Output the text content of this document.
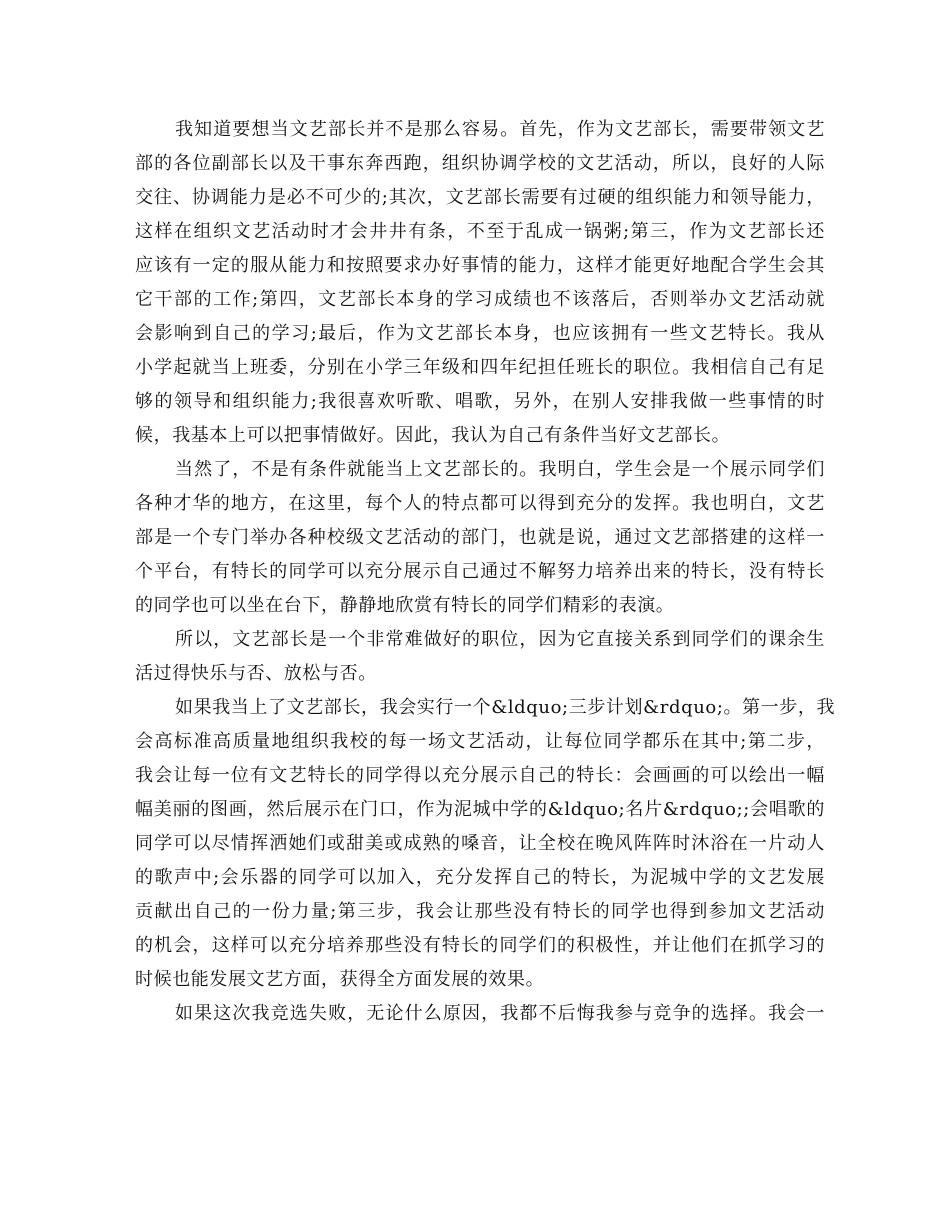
我知道要想当文艺部长并不是那么容易。首先，作为文艺部长，需要带领文艺
部的各位副部长以及干事东奔西跑，组织协调学校的文艺活动，所以，良好的人际
交往、协调能力是必不可少的;其次，文艺部长需要有过硬的组织能力和领导能力，
这样在组织文艺活动时才会井井有条，不至于乱成一锅粥;第三，作为文艺部长还
应该有一定的服从能力和按照要求办好事情的能力，这样才能更好地配合学生会其
它干部的工作;第四，文艺部长本身的学习成绩也不该落后，否则举办文艺活动就
会影响到自己的学习;最后，作为文艺部长本身，也应该拥有一些文艺特长。我从
小学起就当上班委，分别在小学三年级和四年纪担任班长的职位。我相信自己有足
够的领导和组织能力;我很喜欢听歌、唱歌，另外，在别人安排我做一些事情的时
候，我基本上可以把事情做好。因此，我认为自己有条件当好文艺部长。
当然了，不是有条件就能当上文艺部长的。我明白，学生会是一个展示同学们
各种才华的地方，在这里，每个人的特点都可以得到充分的发挥。我也明白，文艺
部是一个专门举办各种校级文艺活动的部门，也就是说，通过文艺部搭建的这样一
个平台，有特长的同学可以充分展示自己通过不解努力培养出来的特长，没有特长
的同学也可以坐在台下，静静地欣赏有特长的同学们精彩的表演。
所以，文艺部长是一个非常难做好的职位，因为它直接关系到同学们的课余生
活过得快乐与否、放松与否。
如果我当上了文艺部长，我会实行一个&ldquo;三步计划&rdquo;。第一步，我
会高标准高质量地组织我校的每一场文艺活动，让每位同学都乐在其中;第二步，
我会让每一位有文艺特长的同学得以充分展示自己的特长：会画画的可以绘出一幅
幅美丽的图画，然后展示在门口，作为泥城中学的&ldquo;名片&rdquo;;会唱歌的
同学可以尽情挥洒她们或甜美或成熟的嗓音，让全校在晚风阵阵时沐浴在一片动人
的歌声中;会乐器的同学可以加入，充分发挥自己的特长，为泥城中学的文艺发展
贡献出自己的一份力量;第三步，我会让那些没有特长的同学也得到参加文艺活动
的机会，这样可以充分培养那些没有特长的同学们的积极性，并让他们在抓学习的
时候也能发展文艺方面，获得全方面发展的效果。
如果这次我竞选失败，无论什么原因，我都不后悔我参与竞争的选择。我会一
